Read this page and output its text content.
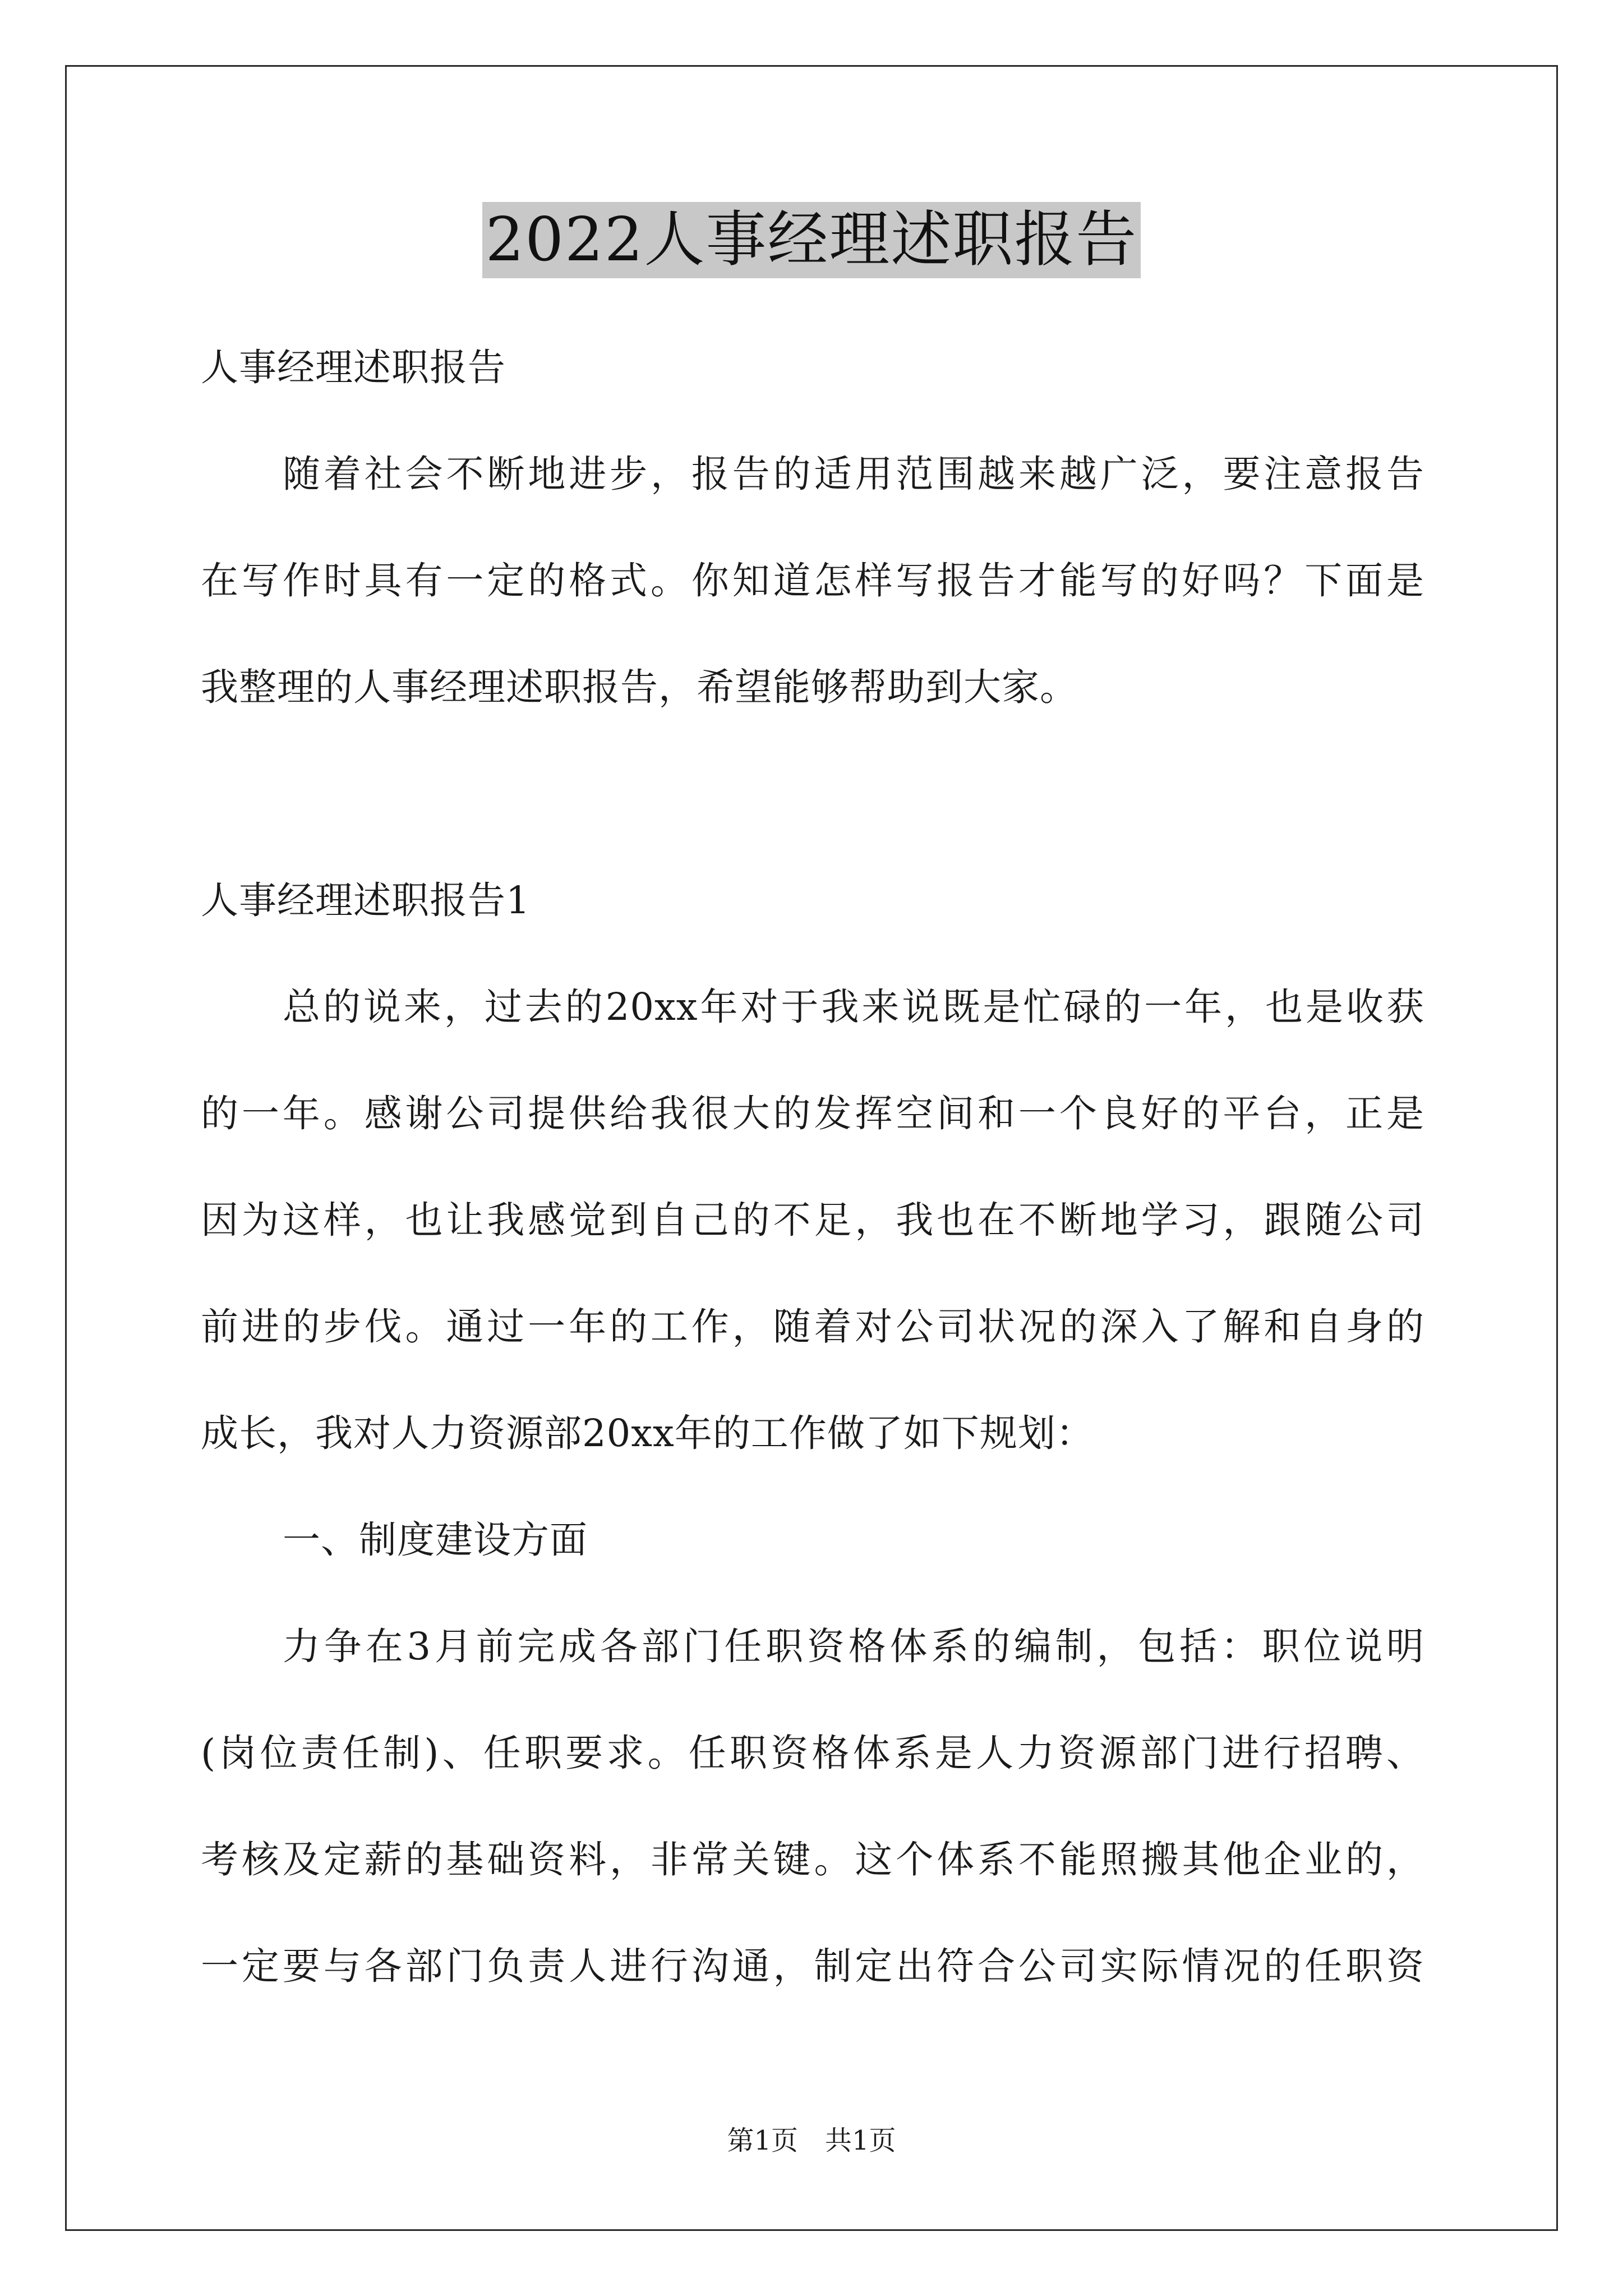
2022人事经理述职报告
人事经理述职报告
随着社会不断地进步，报告的适用范围越来越广泛，要注意报告
在写作时具有一定的格式。你知道怎样写报告才能写的好吗？下面是
我整理的人事经理述职报告，希望能够帮助到大家。
人事经理述职报告1
总的说来，过去的20xx年对于我来说既是忙碌的一年，也是收获
的一年。感谢公司提供给我很大的发挥空间和一个良好的平台，正是
因为这样，也让我感觉到自己的不足，我也在不断地学习，跟随公司
前进的步伐。通过一年的工作，随着对公司状况的深入了解和自身的
成长，我对人力资源部20xx年的工作做了如下规划：
一、制度建设方面
力争在3月前完成各部门任职资格体系的编制，包括：职位说明
(岗位责任制)、任职要求。任职资格体系是人力资源部门进行招聘、
考核及定薪的基础资料，非常关键。这个体系不能照搬其他企业的，
一定要与各部门负责人进行沟通，制定出符合公司实际情况的任职资
第1页　共1页
